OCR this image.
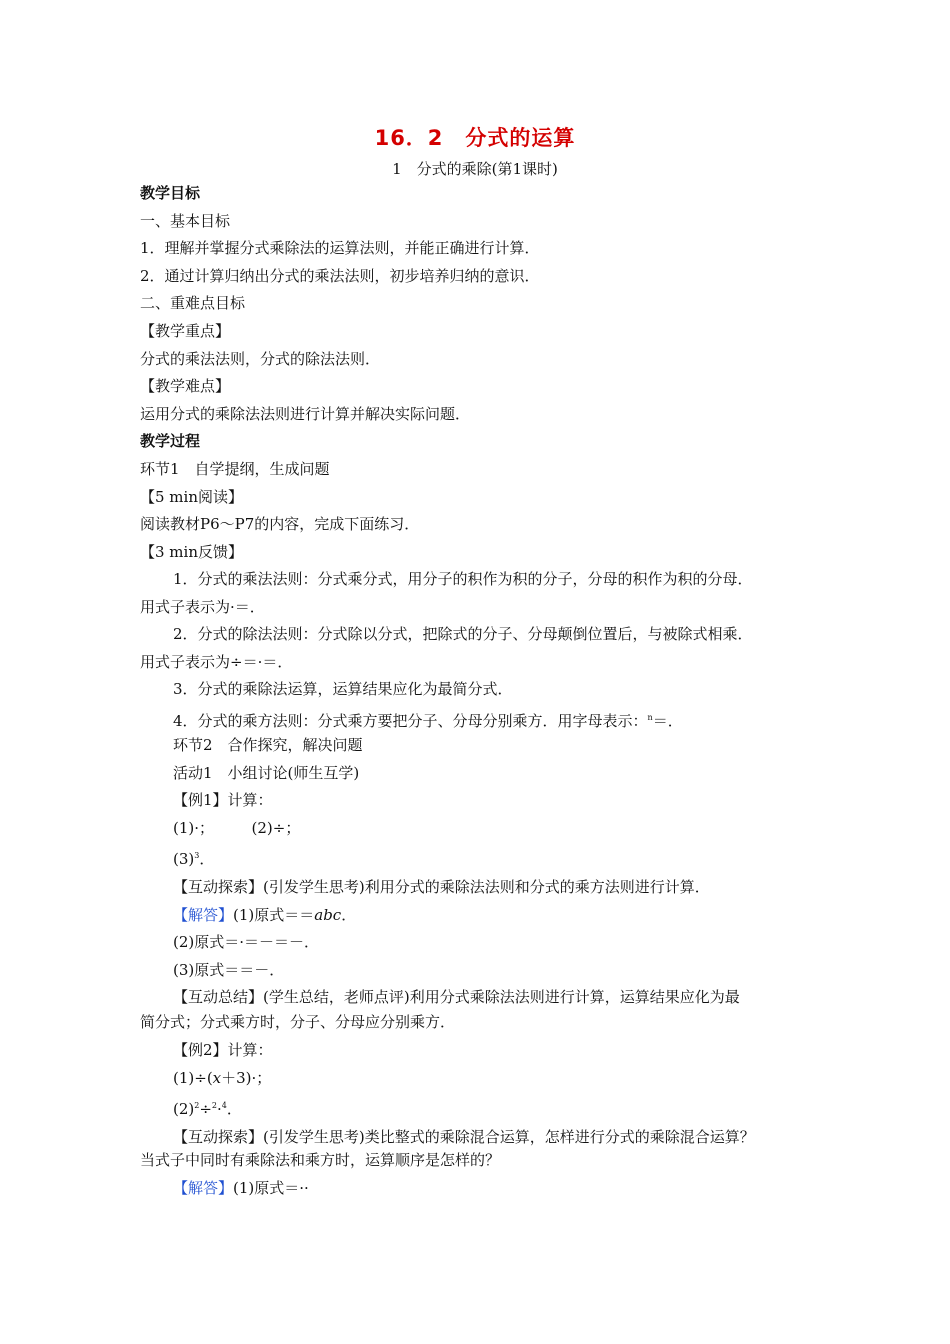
16．2　分式的运算
1　分式的乘除(第1课时)
教学目标
一、基本目标
1．理解并掌握分式乘除法的运算法则，并能正确进行计算．
2．通过计算归纳出分式的乘法法则，初步培养归纳的意识．
二、重难点目标
【教学重点】
分式的乘法法则，分式的除法法则．
【教学难点】
运用分式的乘除法法则进行计算并解决实际问题．
教学过程
环节1　自学提纲，生成问题
【5 min阅读】
阅读教材P6～P7的内容，完成下面练习．
【3 min反馈】
1．分式的乘法法则：分式乘分式，用分子的积作为积的分子，分母的积作为积的分母．
用式子表示为·＝．
2．分式的除法法则：分式除以分式，把除式的分子、分母颠倒位置后，与被除式相乘．
用式子表示为÷＝·＝．
3．分式的乘除法运算，运算结果应化为最简分式．
4．分式的乘方法则：分式乘方要把分子、分母分别乘方．用字母表示：$^n$＝．
环节2　合作探究，解决问题
活动1　小组讨论(师生互学)
【例1】计算：
(1)·；　　　(2)÷；
$(3)^3$．
【互动探索】(引发学生思考)利用分式的乘除法法则和分式的乘方法则进行计算．
【解答】(1)原式＝＝abc．
(2)原式＝·＝－＝－．
(3)原式＝＝－．
【互动总结】(学生总结，老师点评)利用分式乘除法法则进行计算，运算结果应化为最
简分式；分式乘方时，分子、分母应分别乘方．
【例2】计算：
(1)÷(x＋3)·；
$(2)^2\div^2\cdot^4$．
【互动探索】(引发学生思考)类比整式的乘除混合运算，怎样进行分式的乘除混合运算？
当式子中同时有乘除法和乘方时，运算顺序是怎样的？
【解答】(1)原式＝··
